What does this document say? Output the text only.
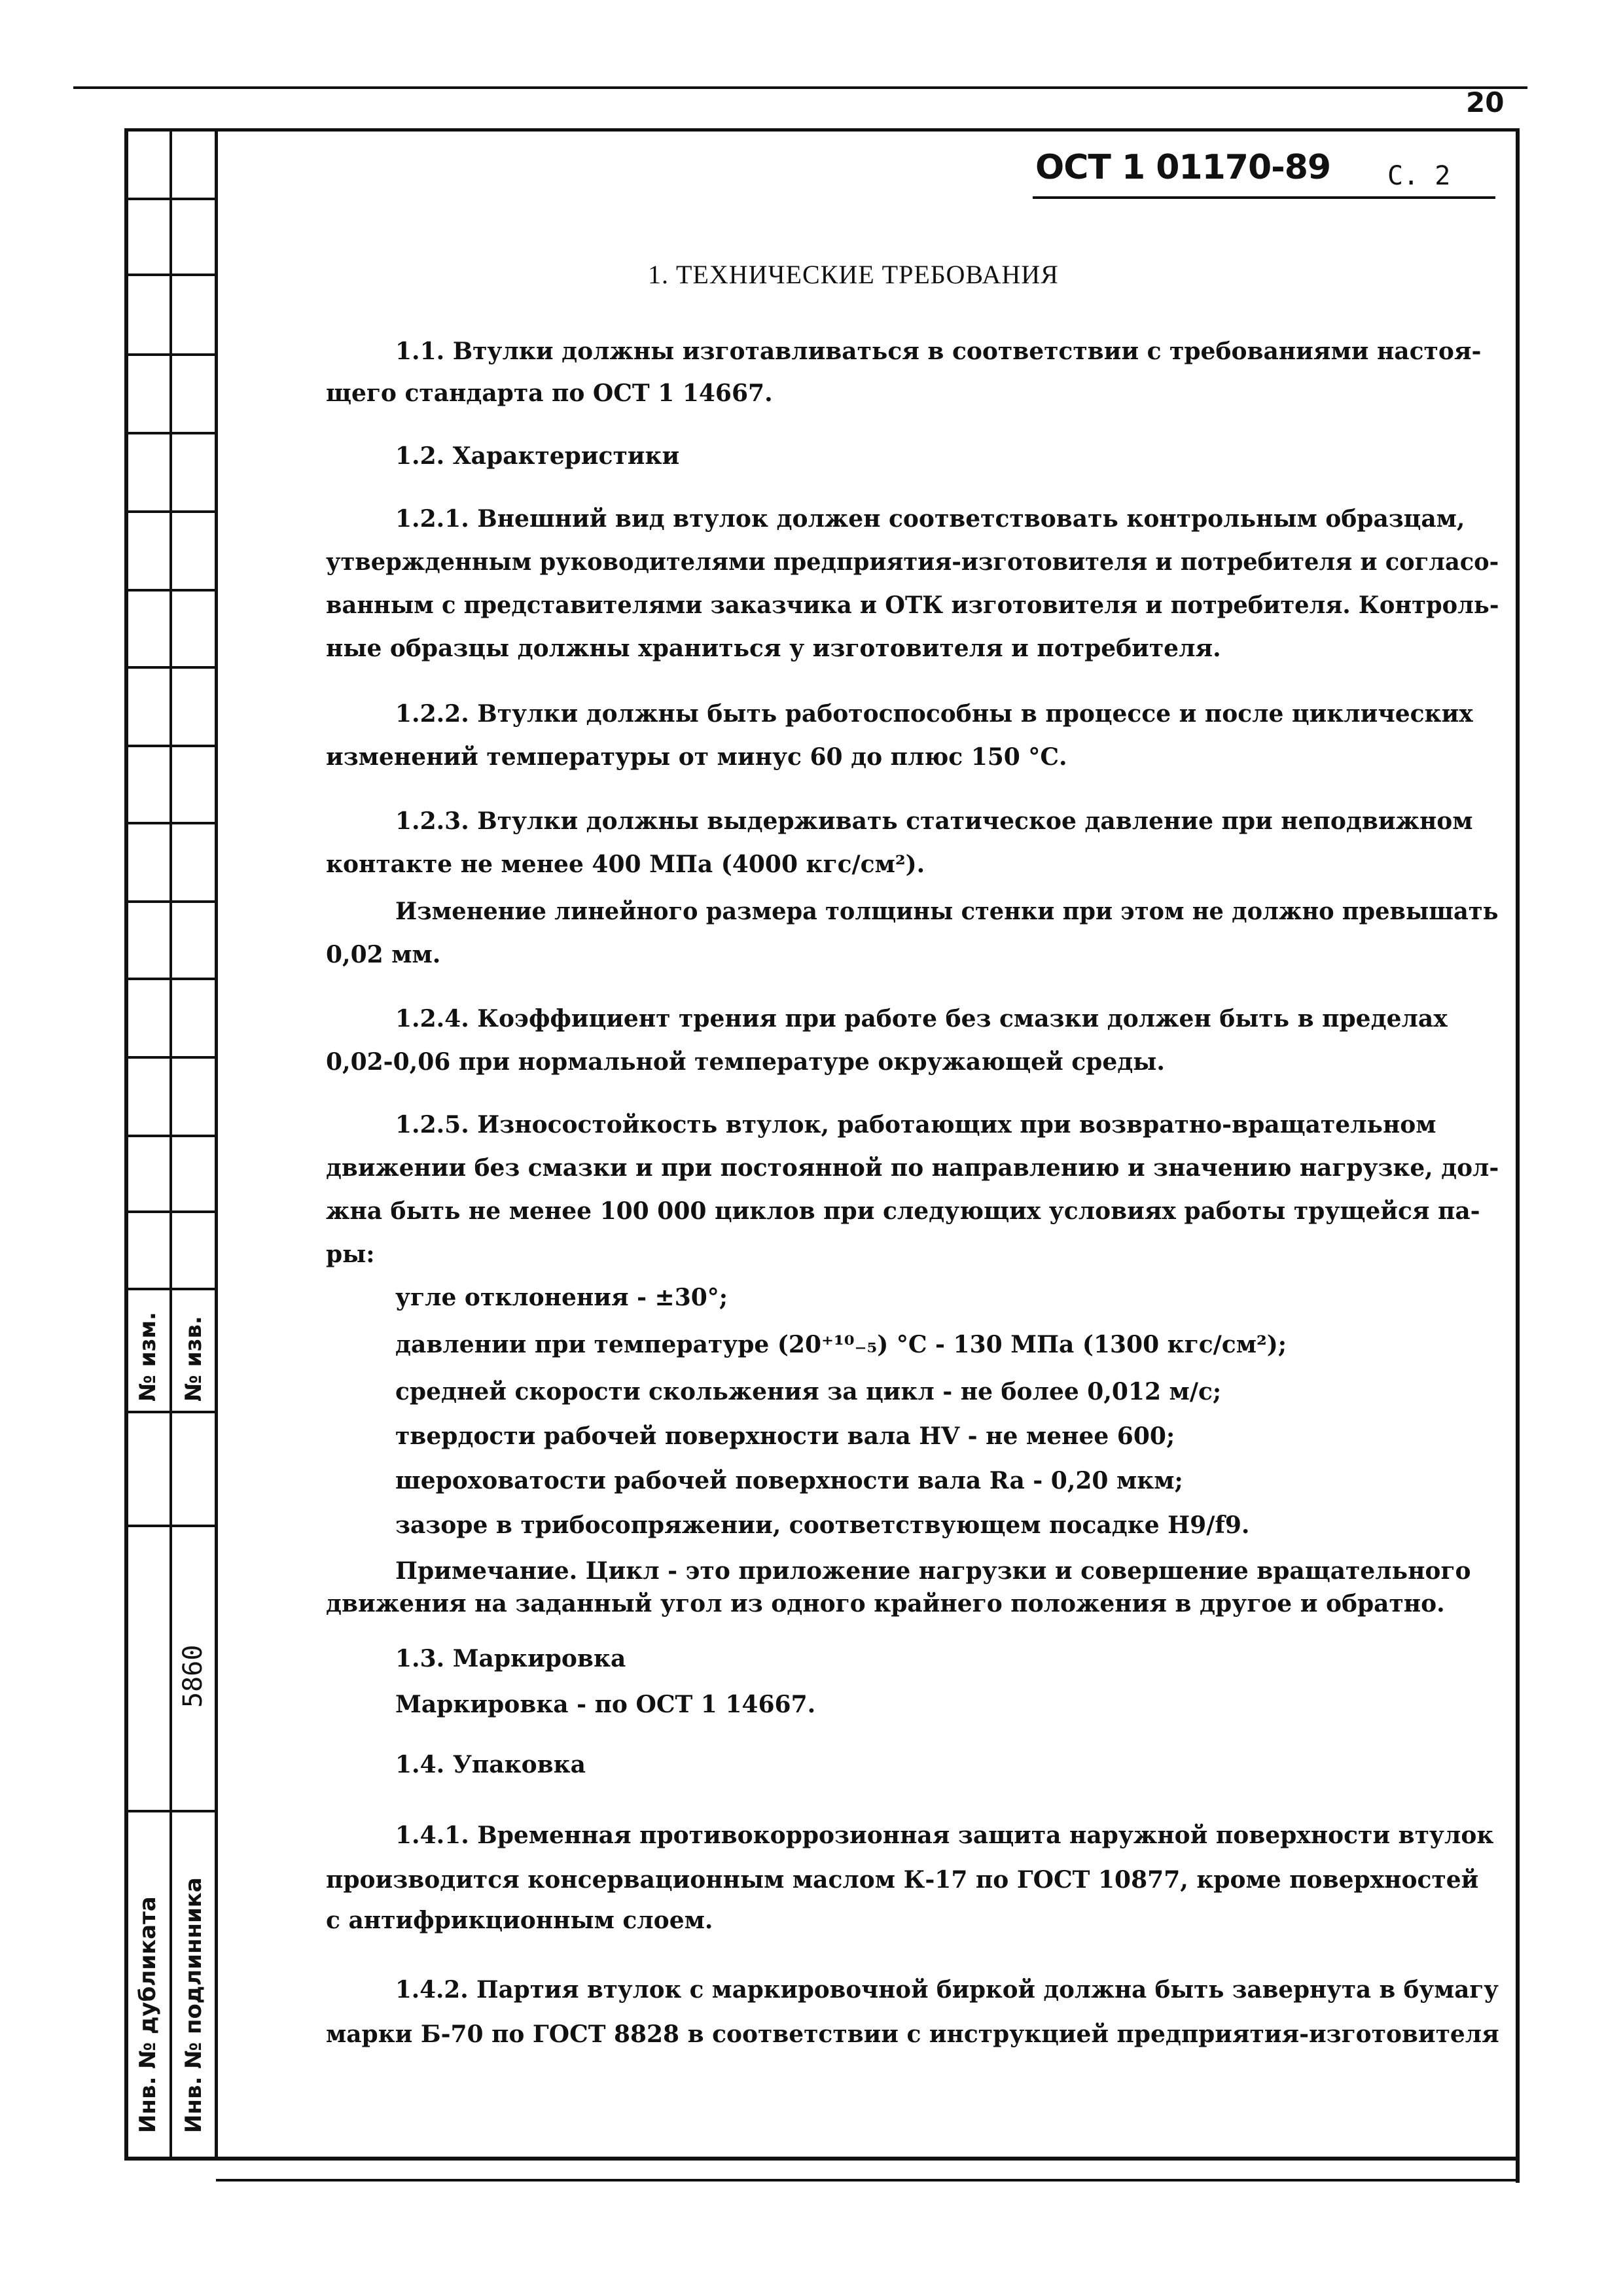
№ изм. № изв.
5860
Инв. № дубликата Инв. № подлинника
20
ОСТ 1 01170-89 С. 2
1. ТЕХНИЧЕСКИЕ ТРЕБОВАНИЯ
1.1. Втулки должны изготавливаться в соответствии с требованиями настоя-
щего стандарта по ОСТ 1 14667.
1.2. Характеристики
1.2.1. Внешний вид втулок должен соответствовать контрольным образцам,
утвержденным руководителями предприятия-изготовителя и потребителя и согласо-
ванным с представителями заказчика и ОТК изготовителя и потребителя. Контроль-
ные образцы должны храниться у изготовителя и потребителя.
1.2.2. Втулки должны быть работоспособны в процессе и после циклических
изменений температуры от минус 60 до плюс 150 °С.
1.2.3. Втулки должны выдерживать статическое давление при неподвижном
контакте не менее 400 МПа (4000 кгс/см²).
Изменение линейного размера толщины стенки при этом не должно превышать
0,02 мм.
1.2.4. Коэффициент трения при работе без смазки должен быть в пределах
0,02-0,06 при нормальной температуре окружающей среды.
1.2.5. Износостойкость втулок, работающих при возвратно-вращательном
движении без смазки и при постоянной по направлению и значению нагрузке, дол-
жна быть не менее 100 000 циклов при следующих условиях работы трущейся па-
ры:
угле отклонения - ±30°;
давлении при температуре (20⁺¹⁰₋₅) °С - 130 МПа (1300 кгс/см²);
средней скорости скольжения за цикл - не более 0,012 м/с;
твердости рабочей поверхности вала HV - не менее 600;
шероховатости рабочей поверхности вала Ra - 0,20 мкм;
зазоре в трибосопряжении, соответствующем посадке H9/f9.
Примечание. Цикл - это приложение нагрузки и совершение вращательного
движения на заданный угол из одного крайнего положения в другое и обратно.
1.3. Маркировка
Маркировка - по ОСТ 1 14667.
1.4. Упаковка
1.4.1. Временная противокоррозионная защита наружной поверхности втулок
производится консервационным маслом К-17 по ГОСТ 10877, кроме поверхностей
с антифрикционным слоем.
1.4.2. Партия втулок с маркировочной биркой должна быть завернута в бумагу
марки Б-70 по ГОСТ 8828 в соответствии с инструкцией предприятия-изготовителя
